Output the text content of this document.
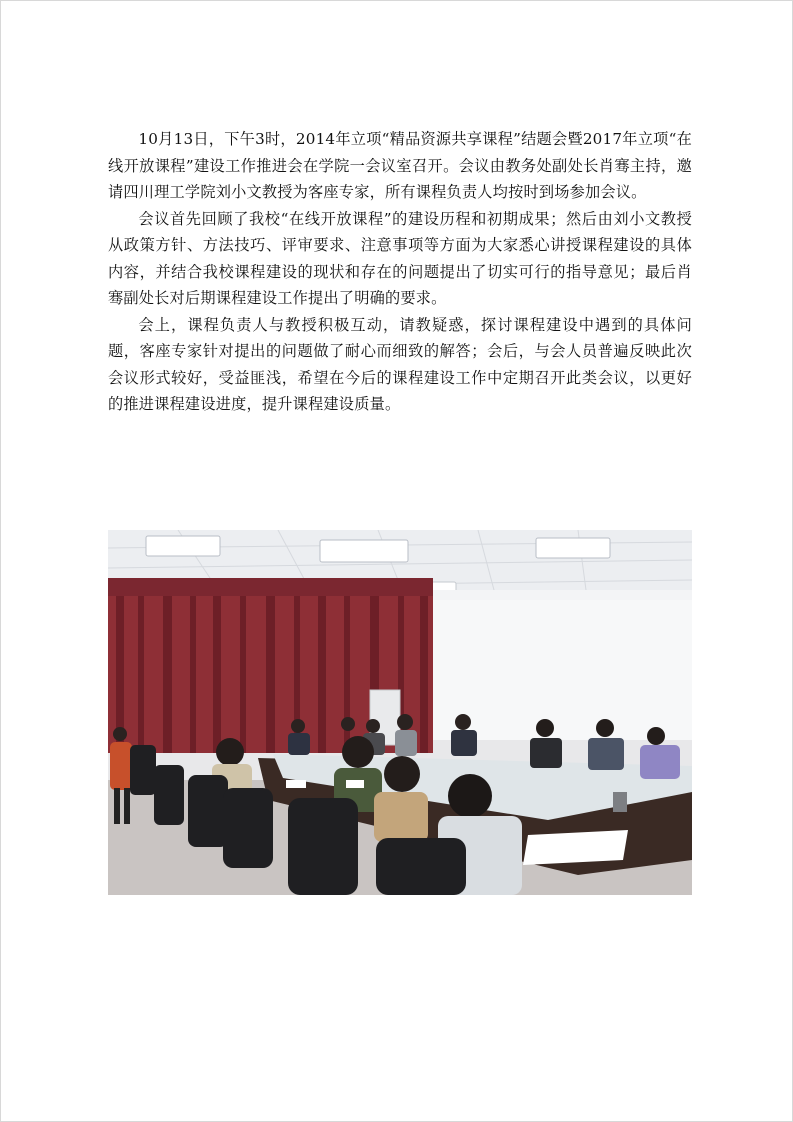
10月13日，下午3时，2014年立项“精品资源共享课程”结题会暨2017年立项“在线开放课程”建设工作推进会在学院一会议室召开。会议由教务处副处长肖骞主持，邀请四川理工学院刘小文教授为客座专家，所有课程负责人均按时到场参加会议。

会议首先回顾了我校“在线开放课程”的建设历程和初期成果；然后由刘小文教授从政策方针、方法技巧、评审要求、注意事项等方面为大家悉心讲授课程建设的具体内容，并结合我校课程建设的现状和存在的问题提出了切实可行的指导意见；最后肖骞副处长对后期课程建设工作提出了明确的要求。

会上，课程负责人与教授积极互动，请教疑惑，探讨课程建设中遇到的具体问题，客座专家针对提出的问题做了耐心而细致的解答；会后，与会人员普遍反映此次会议形式较好，受益匪浅，希望在今后的课程建设工作中定期召开此类会议，以更好的推进课程建设进度，提升课程建设质量。
